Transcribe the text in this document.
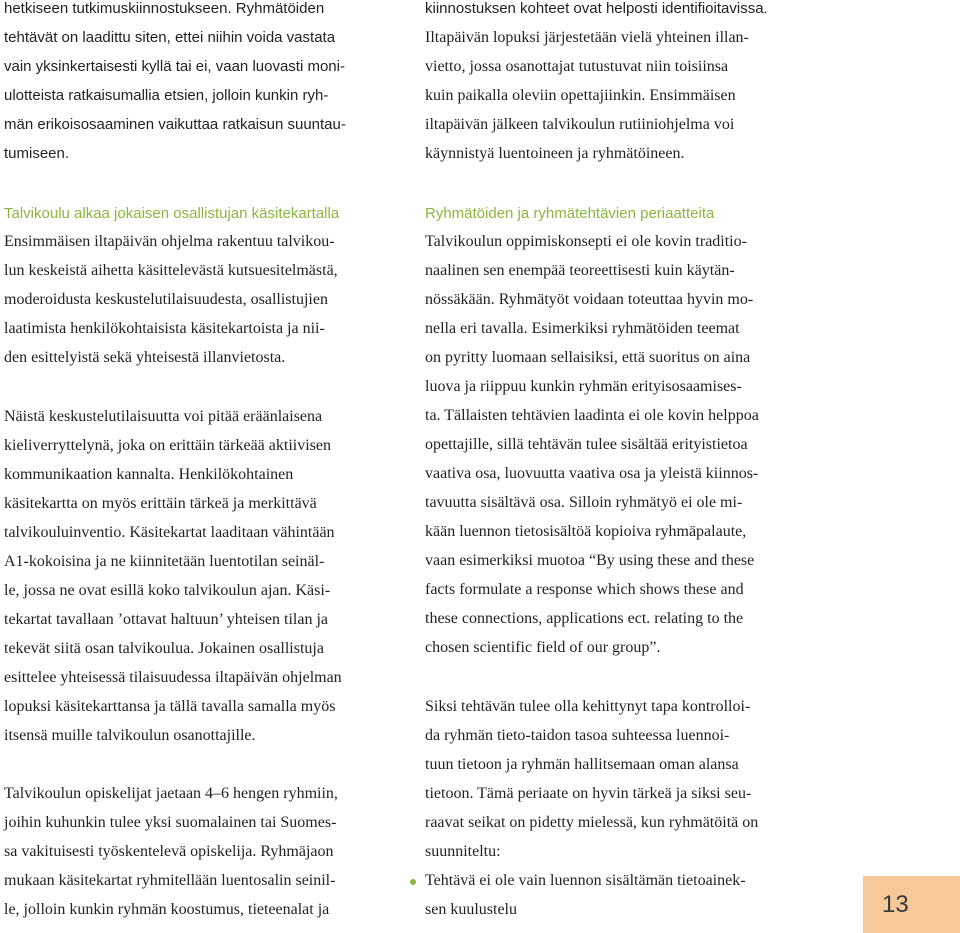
hetkiseen tutkimuskiinnostukseen. Ryhmätöiden
tehtävät on laadittu siten, ettei niihin voida vastata
vain yksinkertaisesti kyllä tai ei, vaan luovasti moni-
ulotteista ratkaisumallia etsien, jolloin kunkin ryh-
män erikoisosaaminen vaikuttaa ratkaisun suuntau-
tumiseen.
Talvikoulu alkaa jokaisen osallistujan käsitekartalla
Ensimmäisen iltapäivän ohjelma rakentuu talvikou-
lun keskeistä aihetta käsittelevästä kutsuesitelmästä,
moderoidusta keskustelutilaisuudesta, osallistujien
laatimista henkilökohtaisista käsitekartoista ja nii-
den esittelyistä sekä yhteisestä illanvietosta.
Näistä keskustelutilaisuutta voi pitää eräänlaisena
kieliverryttelynä, joka on erittäin tärkeää aktiivisen
kommunikaation kannalta. Henkilökohtainen
käsitekartta on myös erittäin tärkeä ja merkittävä
talvikouluinventio. Käsitekartat laaditaan vähintään
A1-kokoisina ja ne kiinnitetään luentotilan seinäl-
le, jossa ne ovat esillä koko talvikoulun ajan. Käsi-
tekartat tavallaan ’ottavat haltuun’ yhteisen tilan ja
tekevät siitä osan talvikoulua. Jokainen osallistuja
esittelee yhteisessä tilaisuudessa iltapäivän ohjelman
lopuksi käsitekarttansa ja tällä tavalla samalla myös
itsensä muille talvikoulun osanottajille.
Talvikoulun opiskelijat jaetaan 4–6 hengen ryhmiin,
joihin kuhunkin tulee yksi suomalainen tai Suomes-
sa vakituisesti työskentelevä opiskelija. Ryhmäjaon
mukaan käsitekartat ryhmitellään luentosalin seinil-
le, jolloin kunkin ryhmän koostumus, tieteenalat ja
kiinnostuksen kohteet ovat helposti identifioitavissa.
Iltapäivän lopuksi järjestetään vielä yhteinen illan-
vietto, jossa osanottajat tutustuvat niin toisiinsa
kuin paikalla oleviin opettajiinkin. Ensimmäisen
iltapäivän jälkeen talvikoulun rutiiniohjelma voi
käynnistyä luentoineen ja ryhmätöineen.
Ryhmätöiden ja ryhmätehtävien periaatteita
Talvikoulun oppimiskonsepti ei ole kovin traditio-
naalinen sen enempää teoreettisesti kuin käytän-
nössäkään. Ryhmätyöt voidaan toteuttaa hyvin mo-
nella eri tavalla. Esimerkiksi ryhmätöiden teemat
on pyritty luomaan sellaisiksi, että suoritus on aina
luova ja riippuu kunkin ryhmän erityisosaamises-
ta. Tällaisten tehtävien laadinta ei ole kovin helppoa
opettajille, sillä tehtävän tulee sisältää erityistietoa
vaativa osa, luovuutta vaativa osa ja yleistä kiinnos-
tavuutta sisältävä osa. Silloin ryhmätyö ei ole mi-
kään luennon tietosisältöä kopioiva ryhmäpalaute,
vaan esimerkiksi muotoa “By using these and these
facts formulate a response which shows these and
these connections, applications ect. relating to the
chosen scientific field of our group”.
Siksi tehtävän tulee olla kehittynyt tapa kontrolloi-
da ryhmän tieto-taidon tasoa suhteessa luennoi-
tuun tietoon ja ryhmän hallitsemaan oman alansa
tietoon. Tämä periaate on hyvin tärkeä ja siksi seu-
raavat seikat on pidetty mielessä, kun ryhmätöitä on
suunniteltu:
Tehtävä ei ole vain luennon sisältämän tietoainek-
sen kuulustelu	13
